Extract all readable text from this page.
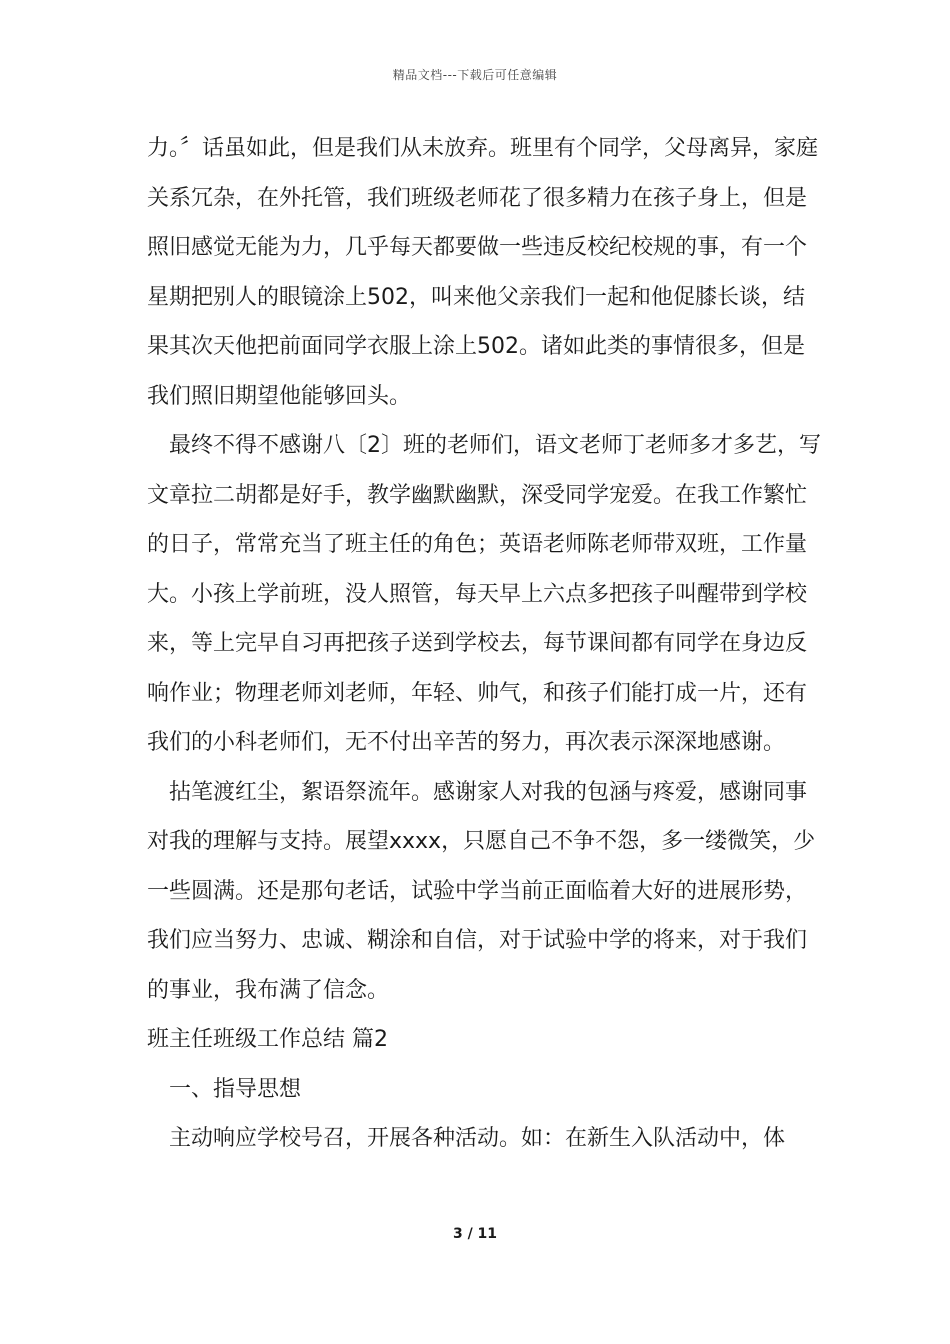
精品文档---下载后可任意编辑

力。〞话虽如此，但是我们从未放弃。班里有个同学，父母离异，家庭关系冗杂，在外托管，我们班级老师花了很多精力在孩子身上，但是照旧感觉无能为力，几乎每天都要做一些违反校纪校规的事，有一个星期把别人的眼镜涂上502，叫来他父亲我们一起和他促膝长谈，结果其次天他把前面同学衣服上涂上502。诸如此类的事情很多，但是我们照旧期望他能够回头。

最终不得不感谢八〔2〕班的老师们，语文老师丁老师多才多艺，写文章拉二胡都是好手，教学幽默幽默，深受同学宠爱。在我工作繁忙的日子，常常充当了班主任的角色；英语老师陈老师带双班，工作量大。小孩上学前班，没人照管，每天早上六点多把孩子叫醒带到学校来，等上完早自习再把孩子送到学校去，每节课间都有同学在身边反响作业；物理老师刘老师，年轻、帅气，和孩子们能打成一片，还有我们的小科老师们，无不付出辛苦的努力，再次表示深深地感谢。

拈笔渡红尘，絮语祭流年。感谢家人对我的包涵与疼爱，感谢同事对我的理解与支持。展望xxxx，只愿自己不争不怨，多一缕微笑，少一些圆满。还是那句老话，试验中学当前正面临着大好的进展形势，我们应当努力、忠诚、糊涂和自信，对于试验中学的将来，对于我们的事业，我布满了信念。

班主任班级工作总结 篇2

一、指导思想

主动响应学校号召，开展各种活动。如：在新生入队活动中，体

3 / 11
